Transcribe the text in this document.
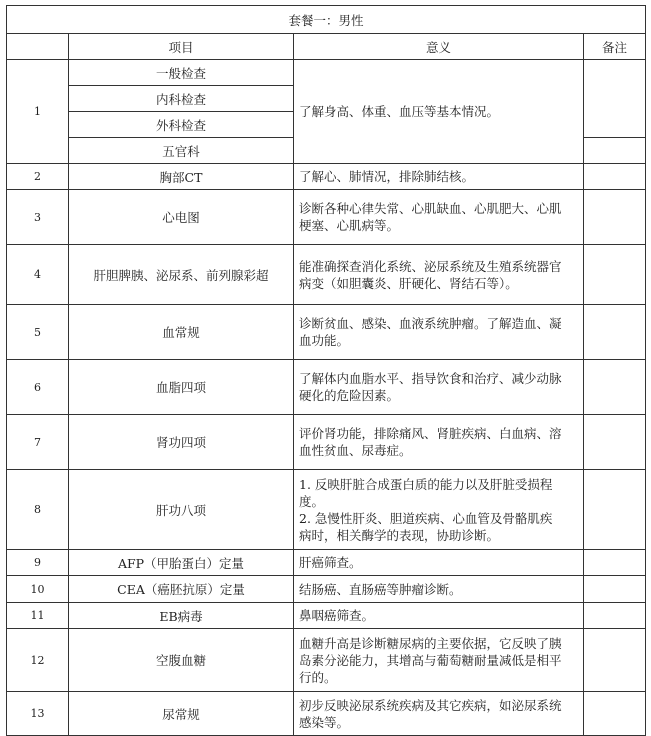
套餐一：男性			
	项目	意义	备注
1	一般检查	了解身高、体重、血压等基本情况。	
	内科检查		
	外科检查		
	五官科		
2	胸部CT	了解心、肺情况，排除肺结核。	

3	心电图	诊断各种心律失常、心肌缺血、心肌肥大、心肌
梗塞、心肌病等。	

4	肝胆脾胰、泌尿系、前列腺彩超	能准确探查消化系统、泌尿系统及生殖系统器官
病变（如胆囊炎、肝硬化、肾结石等）。	

5	血常规	诊断贫血、感染、血液系统肿瘤。了解造血、凝
血功能。	

6	血脂四项	了解体内血脂水平、指导饮食和治疗、减少动脉
硬化的危险因素。	

7	肾功四项	评价肾功能，排除痛风、肾脏疾病、白血病、溶
血性贫血、尿毒症。	

8	肝功八项	1. 反映肝脏合成蛋白质的能力以及肝脏受损程
度。
2. 急慢性肝炎、胆道疾病、心血管及骨骼肌疾
病时，相关酶学的表现，协助诊断。	

9	AFP（甲胎蛋白）定量	肝癌筛查。	

10	CEA（癌胚抗原）定量	结肠癌、直肠癌等肿瘤诊断。	

11	EB病毒	鼻咽癌筛查。	

12	空腹血糖	血糖升高是诊断糖尿病的主要依据，它反映了胰
岛素分泌能力，其增高与葡萄糖耐量减低是相平
行的。	

13	尿常规	初步反映泌尿系统疾病及其它疾病，如泌尿系统
感染等。	
